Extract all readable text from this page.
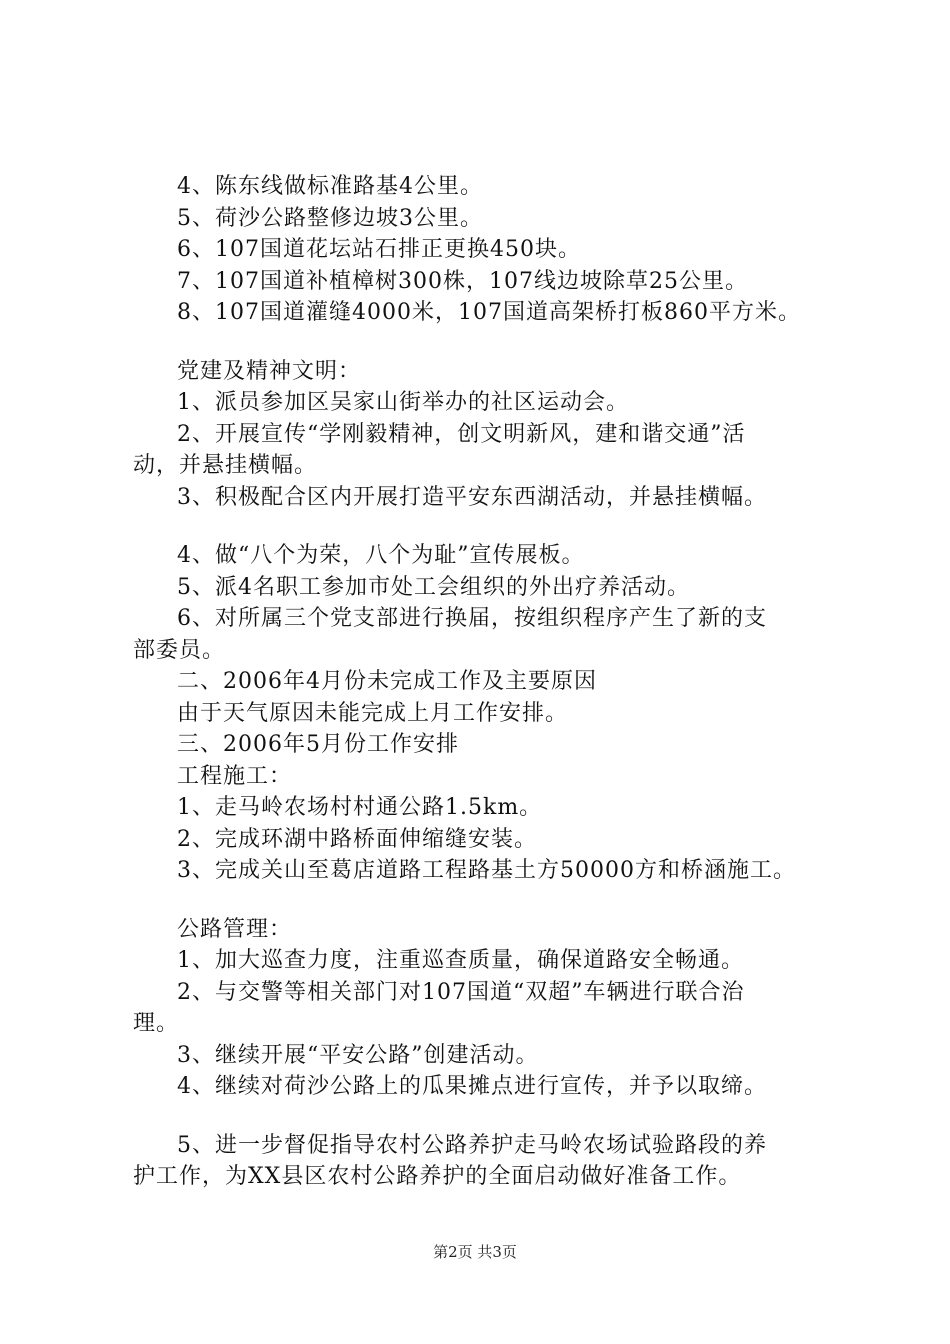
4、陈东线做标准路基4公里。
5、荷沙公路整修边坡3公里。
6、107国道花坛站石排正更换450块。
7、107国道补植樟树300株，107线边坡除草25公里。
8、107国道灌缝4000米，107国道高架桥打板860平方米。
党建及精神文明：
1、派员参加区吴家山街举办的社区运动会。
2、开展宣传“学刚毅精神，创文明新风，建和谐交通”活
动，并悬挂横幅。
3、积极配合区内开展打造平安东西湖活动，并悬挂横幅。
4、做“八个为荣，八个为耻”宣传展板。
5、派4名职工参加市处工会组织的外出疗养活动。
6、对所属三个党支部进行换届，按组织程序产生了新的支
部委员。
二、2006年4月份未完成工作及主要原因
由于天气原因未能完成上月工作安排。
三、2006年5月份工作安排
工程施工：
1、走马岭农场村村通公路1.5km。
2、完成环湖中路桥面伸缩缝安装。
3、完成关山至葛店道路工程路基土方50000方和桥涵施工。
公路管理：
1、加大巡查力度，注重巡查质量，确保道路安全畅通。
2、与交警等相关部门对107国道“双超”车辆进行联合治
理。
3、继续开展“平安公路”创建活动。
4、继续对荷沙公路上的瓜果摊点进行宣传，并予以取缔。
5、进一步督促指导农村公路养护走马岭农场试验路段的养
护工作，为XX县区农村公路养护的全面启动做好准备工作。
第2页 共3页
